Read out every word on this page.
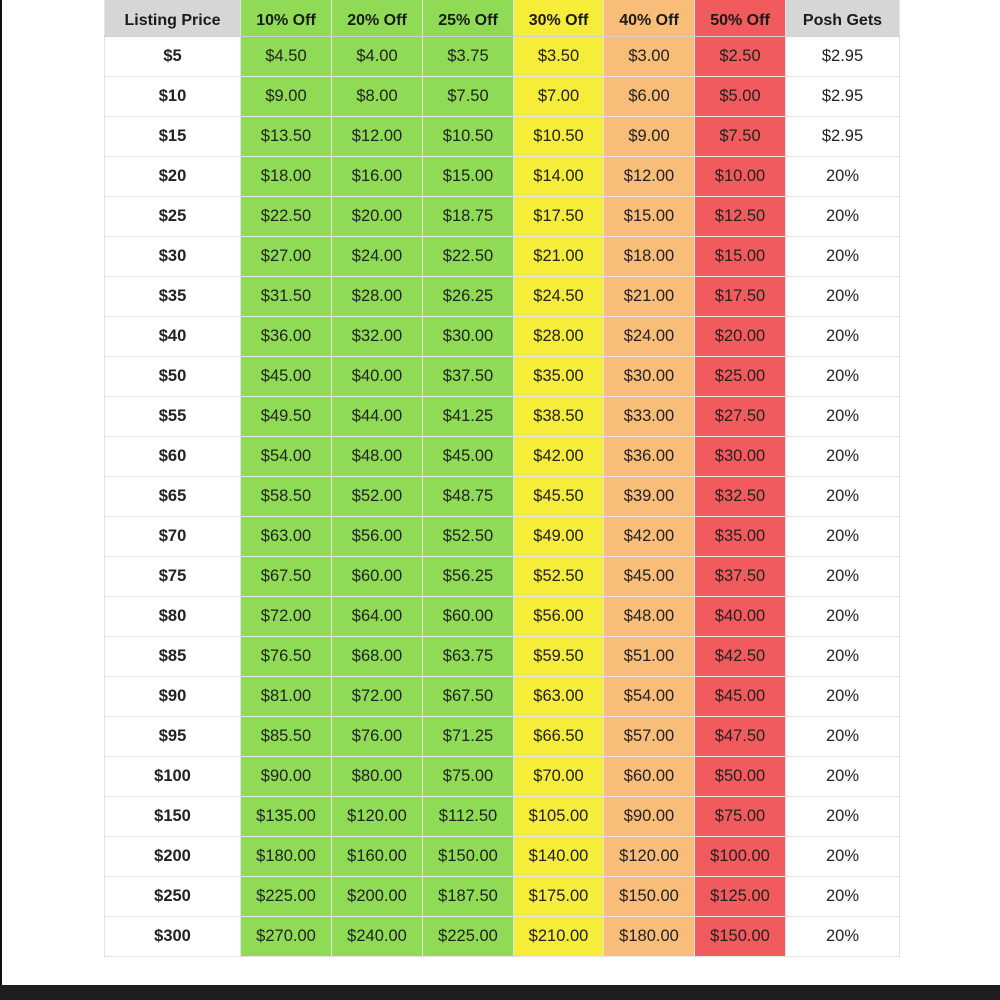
Listing Price	10% Off	20% Off	25% Off	30% Off	40% Off	50% Off	Posh Gets
$5	$4.50	$4.00	$3.75	$3.50	$3.00	$2.50	$2.95
$10	$9.00	$8.00	$7.50	$7.00	$6.00	$5.00	$2.95
$15	$13.50	$12.00	$10.50	$10.50	$9.00	$7.50	$2.95
$20	$18.00	$16.00	$15.00	$14.00	$12.00	$10.00	20%
$25	$22.50	$20.00	$18.75	$17.50	$15.00	$12.50	20%
$30	$27.00	$24.00	$22.50	$21.00	$18.00	$15.00	20%
$35	$31.50	$28.00	$26.25	$24.50	$21.00	$17.50	20%
$40	$36.00	$32.00	$30.00	$28.00	$24.00	$20.00	20%
$50	$45.00	$40.00	$37.50	$35.00	$30.00	$25.00	20%
$55	$49.50	$44.00	$41.25	$38.50	$33.00	$27.50	20%
$60	$54.00	$48.00	$45.00	$42.00	$36.00	$30.00	20%
$65	$58.50	$52.00	$48.75	$45.50	$39.00	$32.50	20%
$70	$63.00	$56.00	$52.50	$49.00	$42.00	$35.00	20%
$75	$67.50	$60.00	$56.25	$52.50	$45.00	$37.50	20%
$80	$72.00	$64.00	$60.00	$56.00	$48.00	$40.00	20%
$85	$76.50	$68.00	$63.75	$59.50	$51.00	$42.50	20%
$90	$81.00	$72.00	$67.50	$63.00	$54.00	$45.00	20%
$95	$85.50	$76.00	$71.25	$66.50	$57.00	$47.50	20%
$100	$90.00	$80.00	$75.00	$70.00	$60.00	$50.00	20%
$150	$135.00	$120.00	$112.50	$105.00	$90.00	$75.00	20%
$200	$180.00	$160.00	$150.00	$140.00	$120.00	$100.00	20%
$250	$225.00	$200.00	$187.50	$175.00	$150.00	$125.00	20%
$300	$270.00	$240.00	$225.00	$210.00	$180.00	$150.00	20%
